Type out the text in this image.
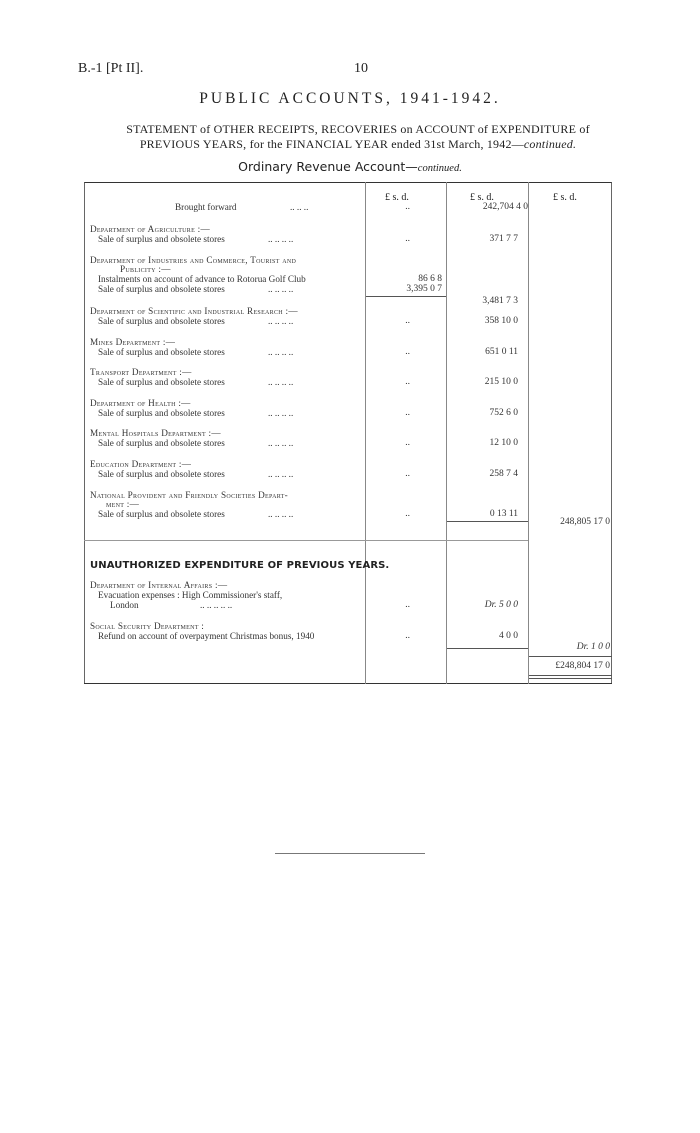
B.-1 [Pt II].	10
PUBLIC ACCOUNTS, 1941-1942.
STATEMENT of OTHER RECEIPTS, RECOVERIES on ACCOUNT of EXPENDITURE of
PREVIOUS YEARS, for the FINANCIAL YEAR ended 31st March, 1942—continued.
Ordinary Revenue Account—continued.
£ s. d.	£ s. d.	£ s. d.
Brought forward	.. .. ..	..	242,704 4 0
Department of Agriculture :—
Sale of surplus and obsolete stores	.. .. .. ..	..	371 7 7
Department of Industries and Commerce, Tourist and
Publicity :—
Instalments on account of advance to Rotorua Golf Club	86 6 8
Sale of surplus and obsolete stores	.. .. .. ..	3,395 0 7
3,481 7 3
Department of Scientific and Industrial Research :—
Sale of surplus and obsolete stores	.. .. .. ..	..	358 10 0
Mines Department :—
Sale of surplus and obsolete stores	.. .. .. ..	..	651 0 11
Transport Department :—
Sale of surplus and obsolete stores	.. .. .. ..	..	215 10 0
Department of Health :—
Sale of surplus and obsolete stores	.. .. .. ..	..	752 6 0
Mental Hospitals Department :—
Sale of surplus and obsolete stores	.. .. .. ..	..	12 10 0
Education Department :—
Sale of surplus and obsolete stores	.. .. .. ..	..	258 7 4
National Provident and Friendly Societies Depart-
ment :—
Sale of surplus and obsolete stores	.. .. .. ..	..	0 13 11
248,805 17 0
UNAUTHORIZED EXPENDITURE OF PREVIOUS YEARS.
Department of Internal Affairs :—
Evacuation expenses : High Commissioner's staff,
London	.. .. .. .. ..	..	Dr. 5 0 0
Social Security Department :
Refund on account of overpayment Christmas bonus, 1940	..	4 0 0
Dr. 1 0 0
£248,804 17 0
